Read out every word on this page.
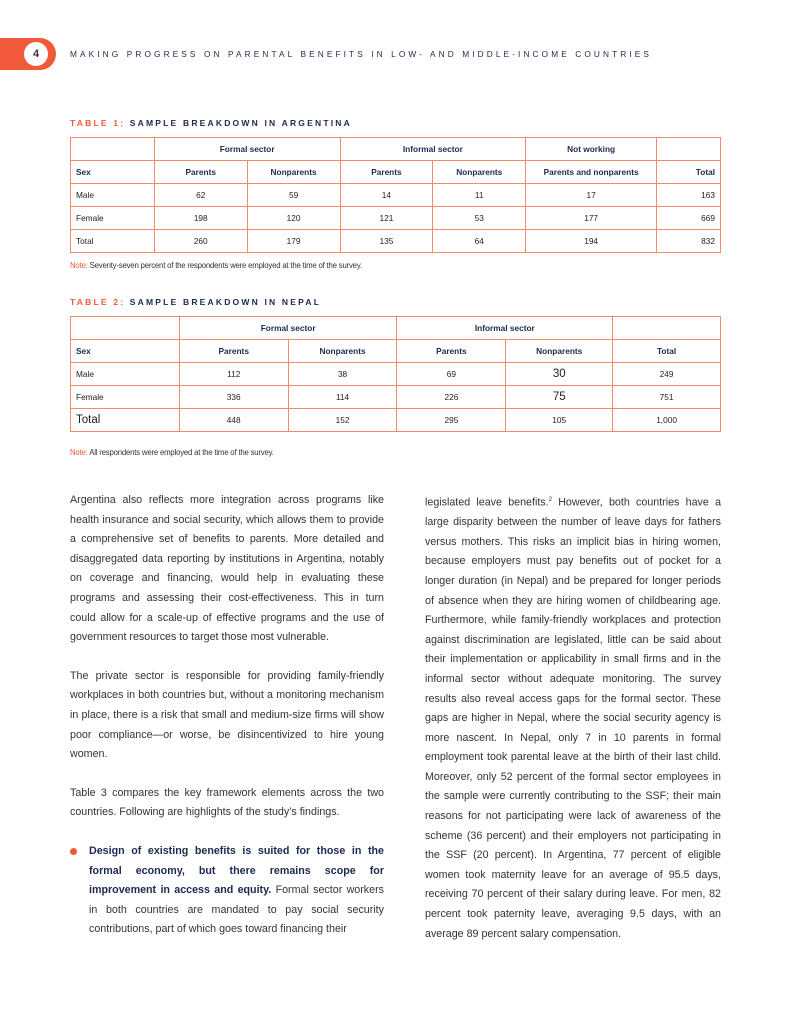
4	MAKING PROGRESS ON PARENTAL BENEFITS IN LOW- AND MIDDLE-INCOME COUNTRIES
TABLE 1: SAMPLE BREAKDOWN IN ARGENTINA
	Formal sector		Informal sector		Not working	
Sex	Parents	Nonparents	Parents	Nonparents	Parents and nonparents	Total
Male	62	59	14	11	17	163
Female	198	120	121	53	177	669
Total	260	179	135	64	194	832
Note: Seventy-seven percent of the respondents were employed at the time of the survey.
TABLE 2: SAMPLE BREAKDOWN IN NEPAL
	Formal sector		Informal sector		
Sex	Parents	Nonparents	Parents	Nonparents	Total
Male	112	38	69	30	249
Female	336	114	226	75	751
Total	448	152	295	105	1,000
Note: All respondents were employed at the time of the survey.

Argentina also reflects more integration across programs like health insurance and social security, which allows them to provide a comprehensive set of benefits to parents. More detailed and disaggregated data reporting by institutions in Argentina, notably on coverage and financing, would help in evaluating these programs and assessing their cost-effectiveness. This in turn could allow for a scale-up of effective programs and the use of government resources to target those most vulnerable.

The private sector is responsible for providing family-friendly workplaces in both countries but, without a monitoring mechanism in place, there is a risk that small and medium-size firms will show poor compliance—or worse, be disincentivized to hire young women.

Table 3 compares the key framework elements across the two countries. Following are highlights of the study’s findings.

Design of existing benefits is suited for those in the formal economy, but there remains scope for improvement in access and equity. Formal sector workers in both countries are mandated to pay social security contributions, part of which goes toward financing their

legislated leave benefits.$^2$ However, both countries have a large disparity between the number of leave days for fathers versus mothers. This risks an implicit bias in hiring women, because employers must pay benefits out of pocket for a longer duration (in Nepal) and be prepared for longer periods of absence when they are hiring women of childbearing age. Furthermore, while family-friendly workplaces and protection against discrimination are legislated, little can be said about their implementation or applicability in small firms and in the informal sector without adequate monitoring. The survey results also reveal access gaps for the formal sector. These gaps are higher in Nepal, where the social security agency is more nascent. In Nepal, only 7 in 10 parents in formal employment took parental leave at the birth of their last child. Moreover, only 52 percent of the formal sector employees in the sample were currently contributing to the SSF; their main reasons for not participating were lack of awareness of the scheme (36 percent) and their employers not participating in the SSF (20 percent). In Argentina, 77 percent of eligible women took maternity leave for an average of 95.5 days, receiving 70 percent of their salary during leave. For men, 82 percent took paternity leave, averaging 9.5 days, with an average 89 percent salary compensation.
